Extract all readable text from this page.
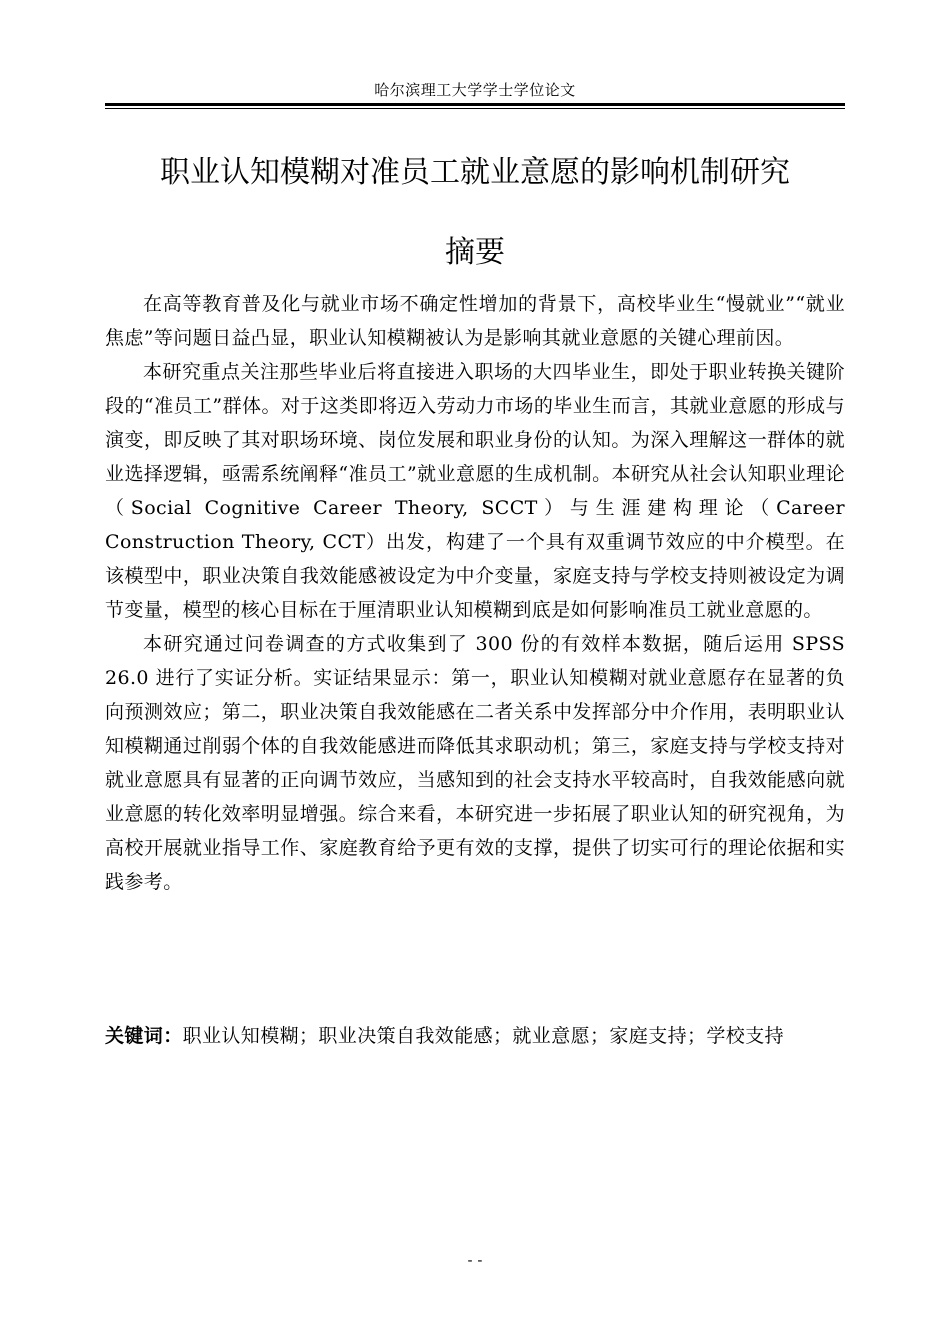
哈尔滨理工大学学士学位论文
职业认知模糊对准员工就业意愿的影响机制研究
摘要

在高等教育普及化与就业市场不确定性增加的背景下，高校毕业生“慢就业”“就业焦虑”等问题日益凸显，职业认知模糊被认为是影响其就业意愿的关键心理前因。

本研究重点关注那些毕业后将直接进入职场的大四毕业生，即处于职业转换关键阶段的“准员工”群体。对于这类即将迈入劳动力市场的毕业生而言，其就业意愿的形成与演变，即反映了其对职场环境、岗位发展和职业身份的认知。为深入理解这一群体的就业选择逻辑，亟需系统阐释“准员工”就业意愿的生成机制。本研究从社会认知职业理论（Social Cognitive Career Theory, SCCT）与生涯建构理论（Career Construction Theory, CCT）出发，构建了一个具有双重调节效应的中介模型。在该模型中，职业决策自我效能感被设定为中介变量，家庭支持与学校支持则被设定为调节变量，模型的核心目标在于厘清职业认知模糊到底是如何影响准员工就业意愿的。

本研究通过问卷调查的方式收集到了 300 份的有效样本数据，随后运用 SPSS 26.0 进行了实证分析。实证结果显示：第一，职业认知模糊对就业意愿存在显著的负向预测效应；第二，职业决策自我效能感在二者关系中发挥部分中介作用，表明职业认知模糊通过削弱个体的自我效能感进而降低其求职动机；第三，家庭支持与学校支持对就业意愿具有显著的正向调节效应，当感知到的社会支持水平较高时，自我效能感向就业意愿的转化效率明显增强。综合来看，本研究进一步拓展了职业认知的研究视角，为高校开展就业指导工作、家庭教育给予更有效的支撑，提供了切实可行的理论依据和实践参考。

关键词：职业认知模糊；职业决策自我效能感；就业意愿；家庭支持；学校支持

- -
